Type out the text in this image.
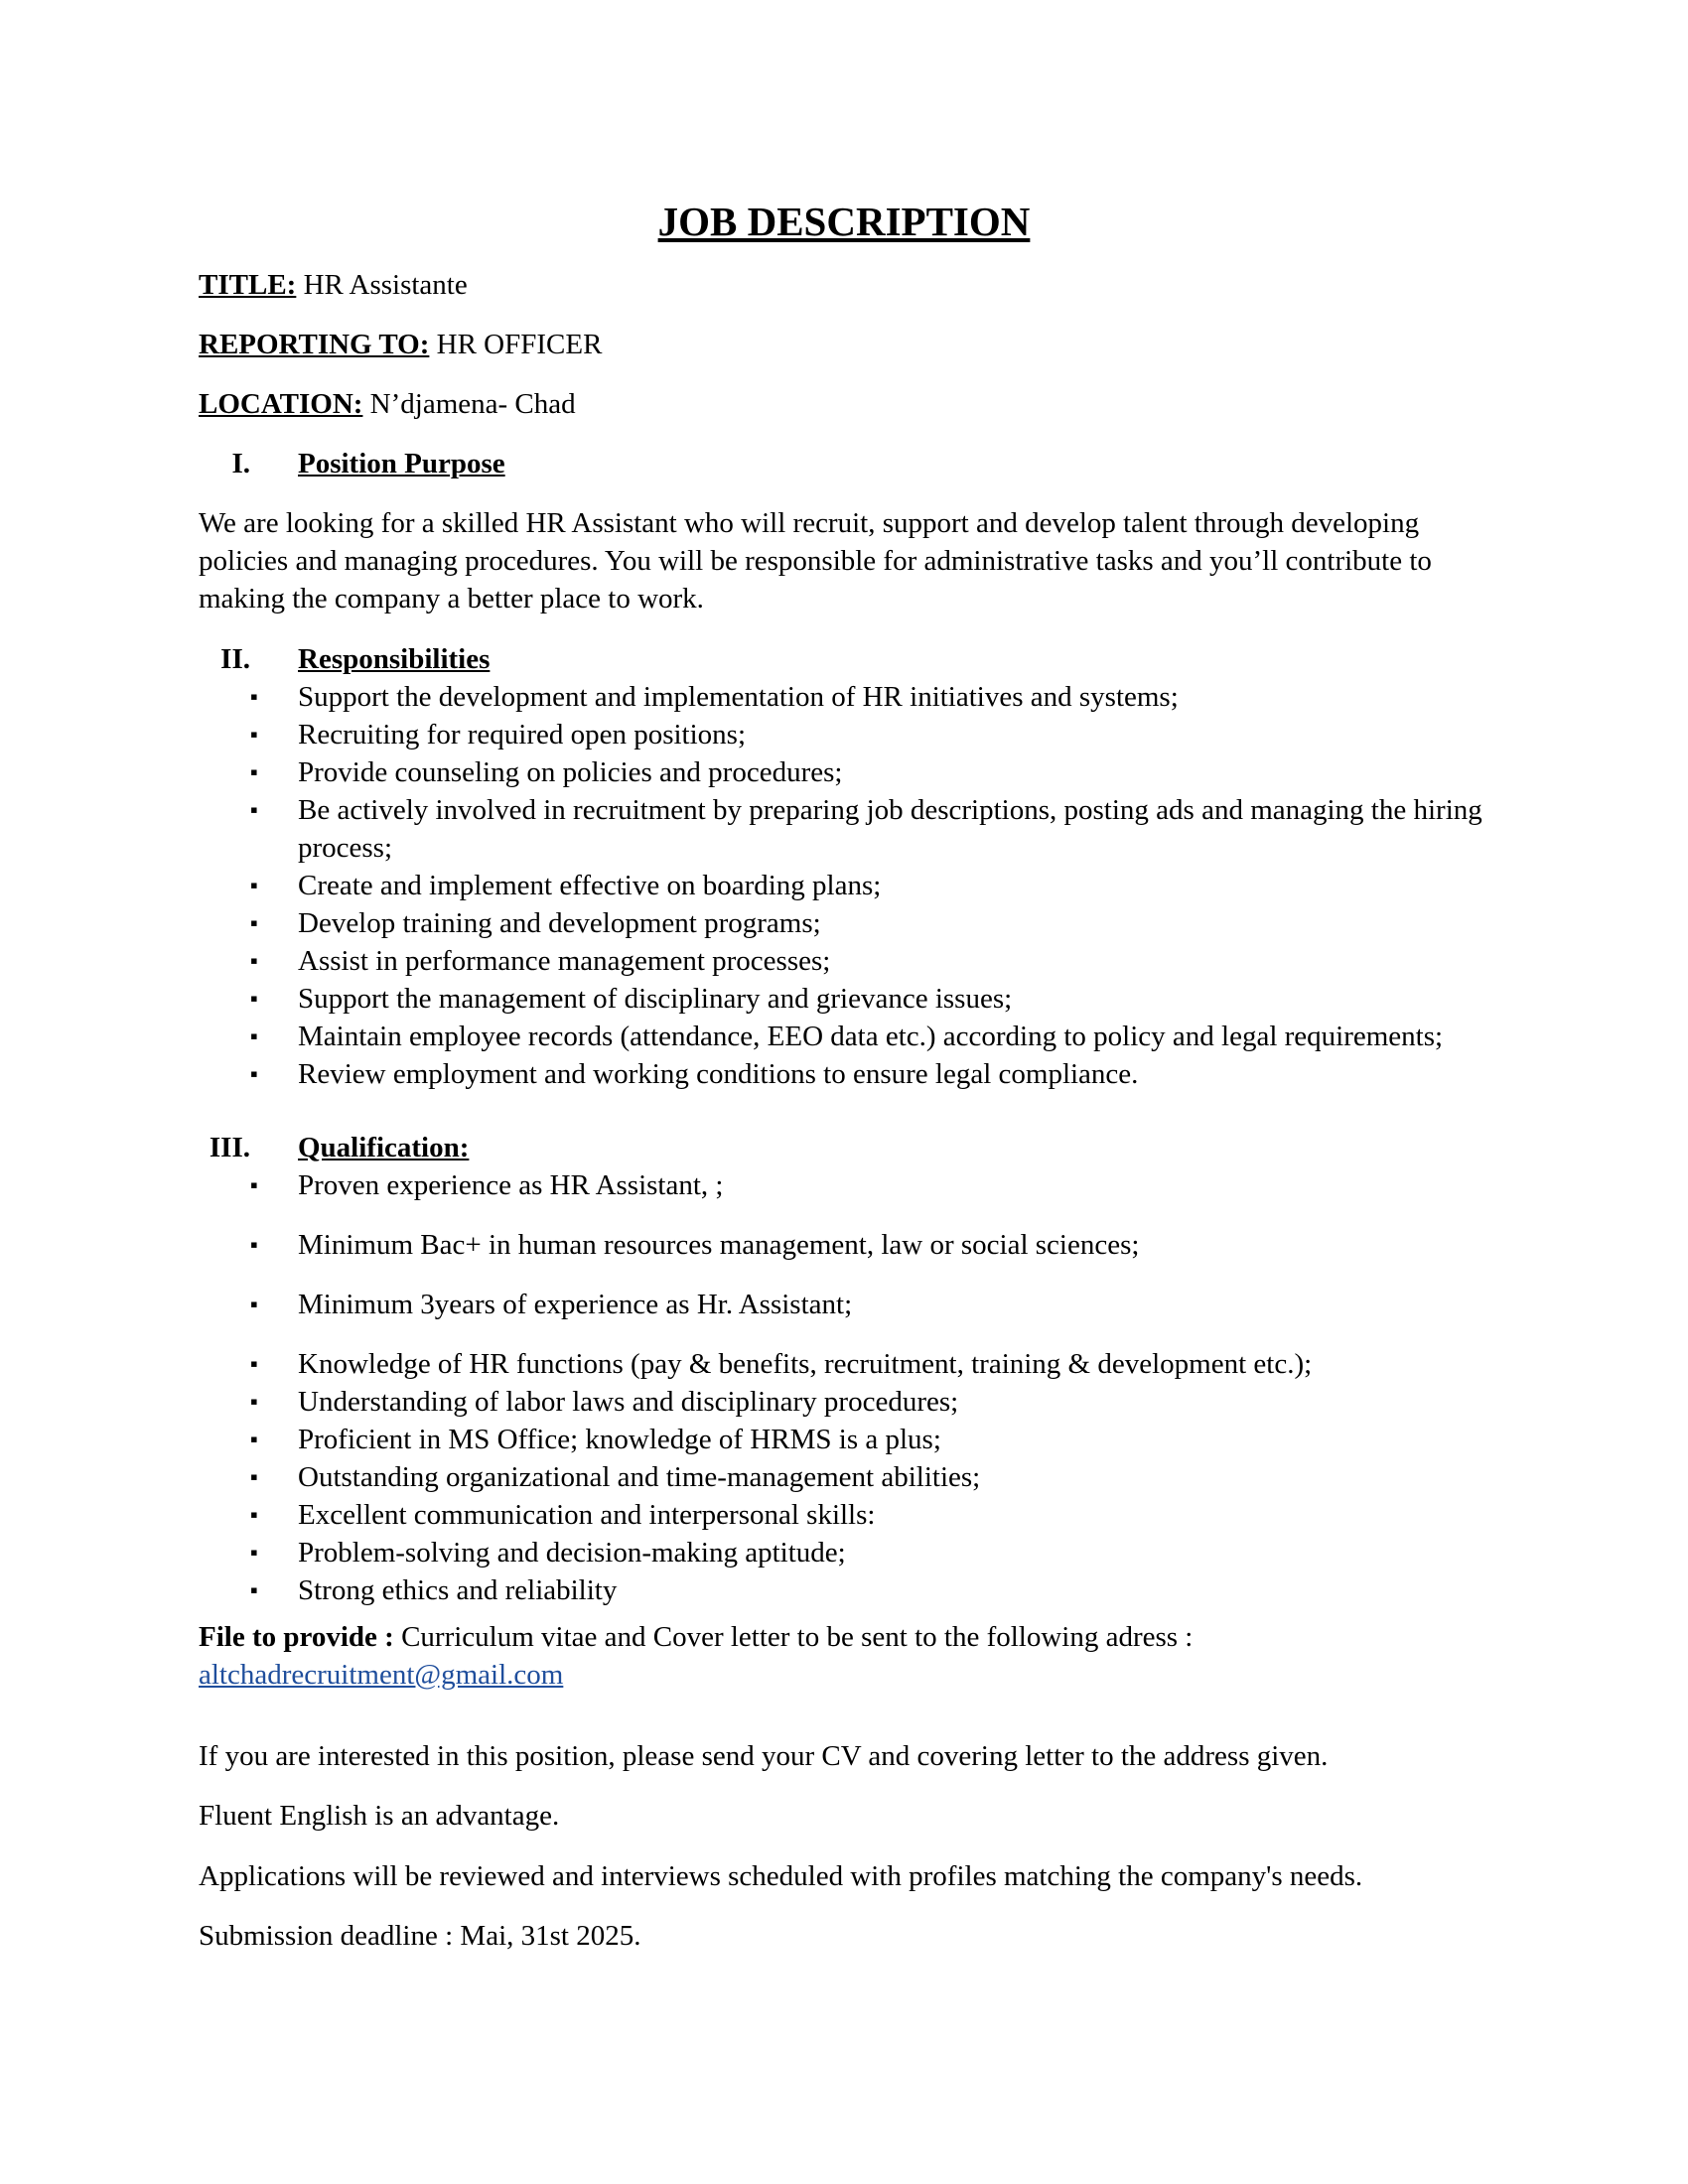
JOB DESCRIPTION

TITLE: HR Assistante

REPORTING TO: HR OFFICER

LOCATION: N’djamena- Chad

I. Position Purpose

We are looking for a skilled HR Assistant who will recruit, support and develop talent through developing policies and managing procedures. You will be responsible for administrative tasks and you’ll contribute to making the company a better place to work.

II. Responsibilities
▪
Support the development and implementation of HR initiatives and systems;
▪
Recruiting for required open positions;
▪
Provide counseling on policies and procedures;
▪
Be actively involved in recruitment by preparing job descriptions, posting ads and managing the hiring process;
▪
Create and implement effective on boarding plans;
▪
Develop training and development programs;
▪
Assist in performance management processes;
▪
Support the management of disciplinary and grievance issues;
▪
Maintain employee records (attendance, EEO data etc.) according to policy and legal requirements;
▪
Review employment and working conditions to ensure legal compliance.
III. Qualification:
▪
Proven experience as HR Assistant, ;
▪
Minimum Bac+ in human resources management, law or social sciences;
▪
Minimum 3years of experience as Hr. Assistant;
▪
Knowledge of HR functions (pay & benefits, recruitment, training & development etc.);
▪
Understanding of labor laws and disciplinary procedures;
▪
Proficient in MS Office; knowledge of HRMS is a plus;
▪
Outstanding organizational and time-management abilities;
▪
Excellent communication and interpersonal skills:
▪
Problem-solving and decision-making aptitude;
▪
Strong ethics and reliability

File to provide : Curriculum vitae and Cover letter to be sent to the following adress :
altchadrecruitment@gmail.com

If you are interested in this position, please send your CV and covering letter to the address given.

Fluent English is an advantage.

Applications will be reviewed and interviews scheduled with profiles matching the company's needs.

Submission deadline : Mai, 31st 2025.
